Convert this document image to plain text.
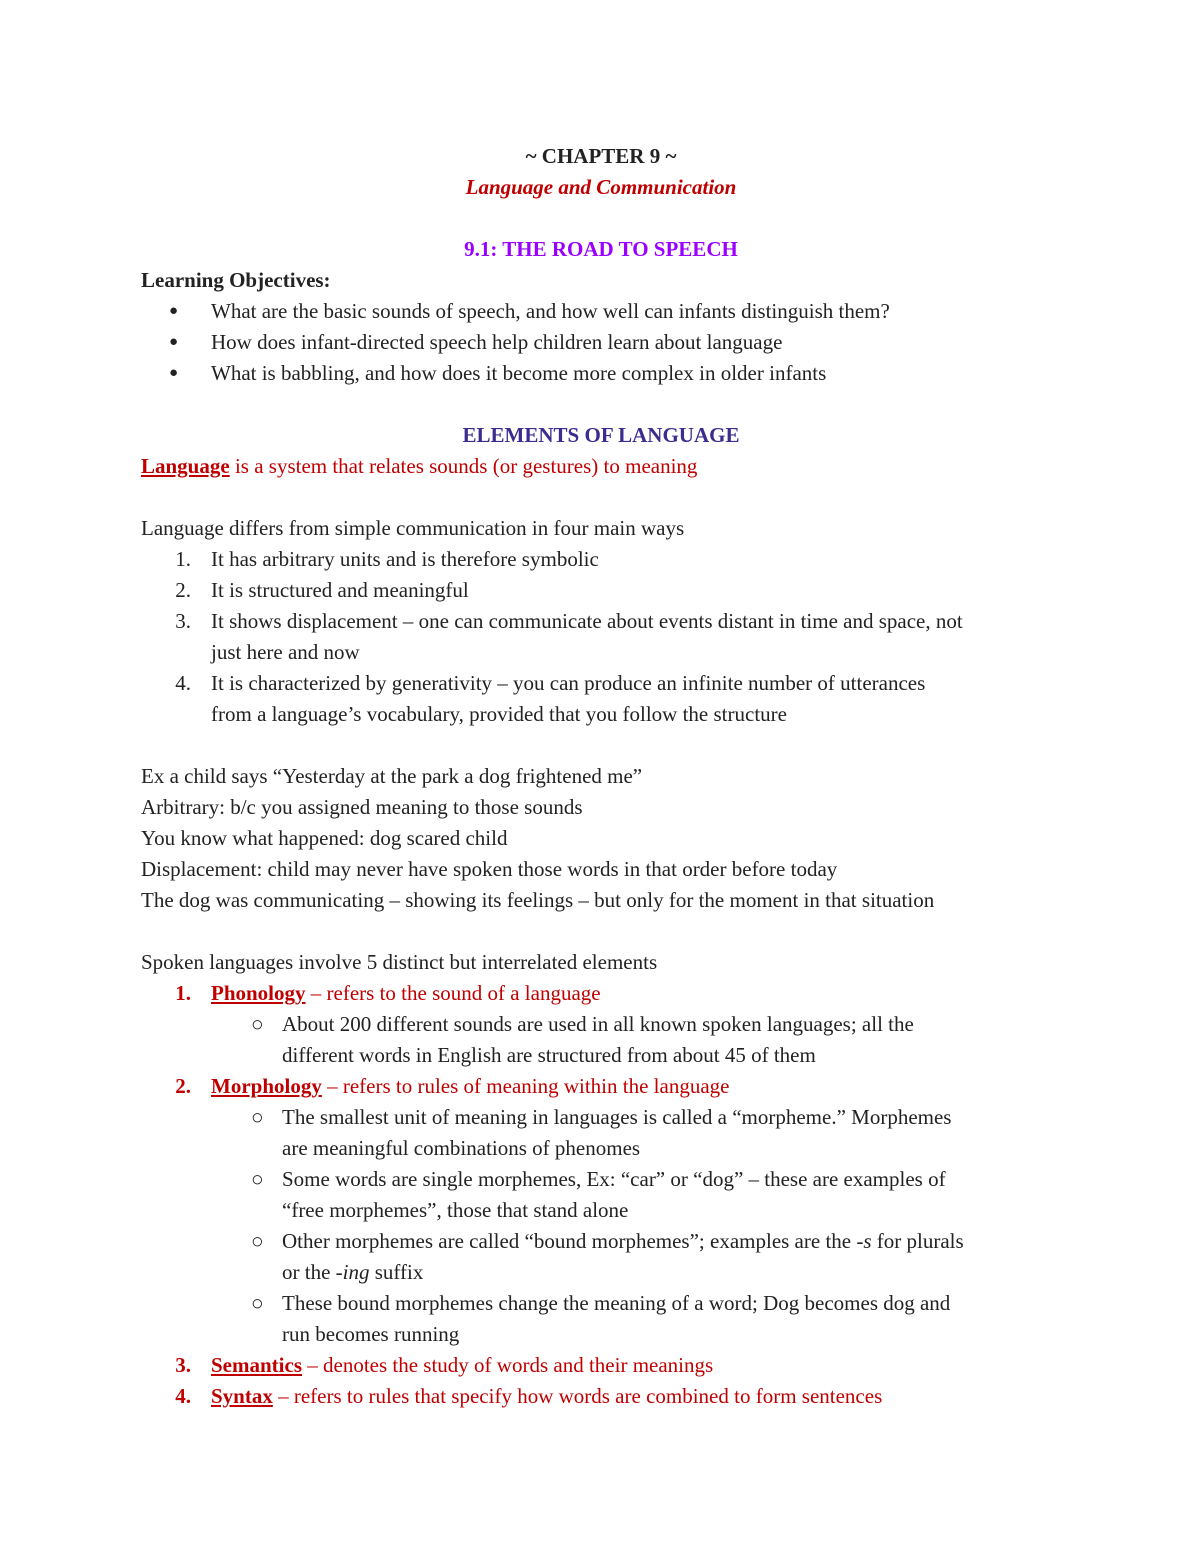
~ CHAPTER 9 ~
Language and Communication
9.1: THE ROAD TO SPEECH
Learning Objectives:
● What are the basic sounds of speech, and how well can infants distinguish them?
● How does infant-directed speech help children learn about language
● What is babbling, and how does it become more complex in older infants
ELEMENTS OF LANGUAGE
Language is a system that relates sounds (or gestures) to meaning
Language differs from simple communication in four main ways
1. It has arbitrary units and is therefore symbolic
2. It is structured and meaningful
3. It shows displacement – one can communicate about events distant in time and space, not
just here and now
4. It is characterized by generativity – you can produce an infinite number of utterances
from a language’s vocabulary, provided that you follow the structure
Ex a child says “Yesterday at the park a dog frightened me”
Arbitrary: b/c you assigned meaning to those sounds
You know what happened: dog scared child
Displacement: child may never have spoken those words in that order before today
The dog was communicating – showing its feelings – but only for the moment in that situation
Spoken languages involve 5 distinct but interrelated elements
1. Phonology – refers to the sound of a language
○ About 200 different sounds are used in all known spoken languages; all the
different words in English are structured from about 45 of them
2. Morphology – refers to rules of meaning within the language
○ The smallest unit of meaning in languages is called a “morpheme.” Morphemes
are meaningful combinations of phenomes
○ Some words are single morphemes, Ex: “car” or “dog” – these are examples of
“free morphemes”, those that stand alone
○ Other morphemes are called “bound morphemes”; examples are the -s for plurals
or the -ing suffix
○ These bound morphemes change the meaning of a word; Dog becomes dog and
run becomes running
3. Semantics – denotes the study of words and their meanings
4. Syntax – refers to rules that specify how words are combined to form sentences
